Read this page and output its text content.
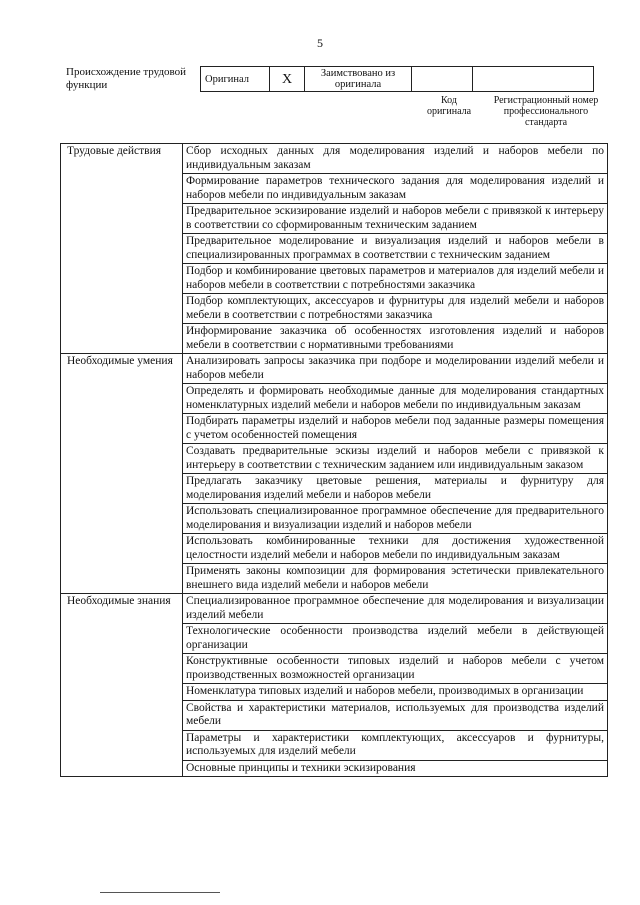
5
Происхождение трудовой функции	Оригинал	X	Заимствовано из оригинала		
Код оригинала
Регистрационный номер профессионального стандарта
Трудовые действия	Сбор исходных данных для моделирования изделий и наборов мебели по индивидуальным заказам
	Формирование параметров технического задания для моделирования изделий и наборов мебели по индивидуальным заказам
	Предварительное эскизирование изделий и наборов мебели с привязкой к интерьеру в соответствии со сформированным техническим заданием
	Предварительное моделирование и визуализация изделий и наборов мебели в специализированных программах в соответствии с техническим заданием
	Подбор и комбинирование цветовых параметров и материалов для изделий мебели и наборов мебели в соответствии с потребностями заказчика
	Подбор комплектующих, аксессуаров и фурнитуры для изделий мебели и наборов мебели в соответствии с потребностями заказчика
	Информирование заказчика об особенностях изготовления изделий и наборов мебели в соответствии с нормативными требованиями
Необходимые умения	Анализировать запросы заказчика при подборе и моделировании изделий мебели и наборов мебели
	Определять и формировать необходимые данные для моделирования стандартных номенклатурных изделий мебели и наборов мебели по индивидуальным заказам
	Подбирать параметры изделий и наборов мебели под заданные размеры помещения с учетом особенностей помещения
	Создавать предварительные эскизы изделий и наборов мебели с привязкой к интерьеру в соответствии с техническим заданием или индивидуальным заказом
	Предлагать заказчику цветовые решения, материалы и фурнитуру для моделирования изделий мебели и наборов мебели
	Использовать специализированное программное обеспечение для предварительного моделирования и визуализации изделий и наборов мебели
	Использовать комбинированные техники для достижения художественной целостности изделий мебели и наборов мебели по индивидуальным заказам
	Применять законы композиции для формирования эстетически привлекательного внешнего вида изделий мебели и наборов мебели
Необходимые знания	Специализированное программное обеспечение для моделирования и визуализации изделий мебели
	Технологические особенности производства изделий мебели в действующей организации
	Конструктивные особенности типовых изделий и наборов мебели с учетом производственных возможностей организации
	Номенклатура типовых изделий и наборов мебели, производимых в организации
	Свойства и характеристики материалов, используемых для производства изделий мебели
	Параметры и характеристики комплектующих, аксессуаров и фурнитуры, используемых для изделий мебели
	Основные принципы и техники эскизирования
